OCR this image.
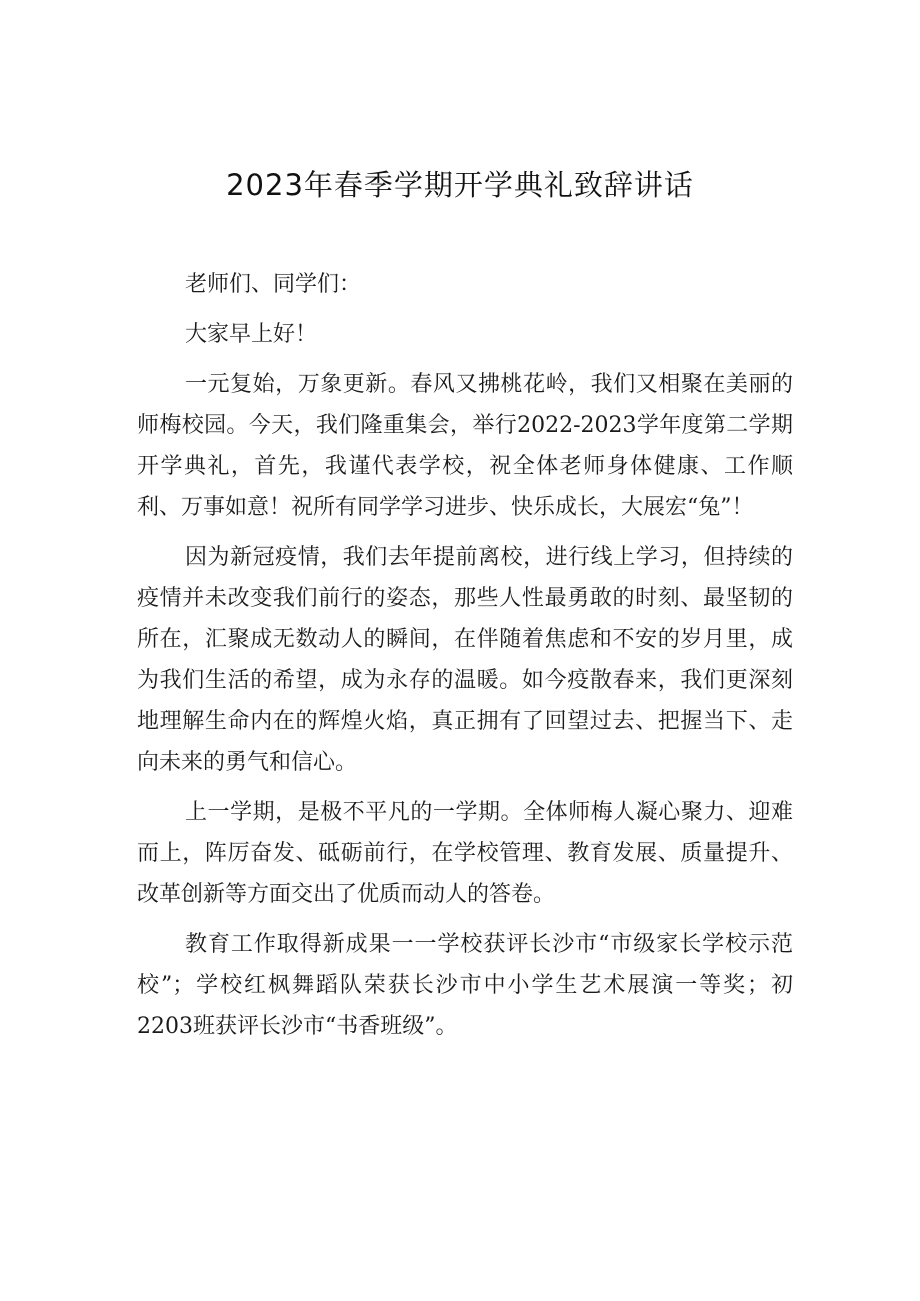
2023年春季学期开学典礼致辞讲话

老师们、同学们：

大家早上好！

一元复始，万象更新。春风又拂桃花岭，我们又相聚在美丽的师梅校园。今天，我们隆重集会，举行2022-2023学年度第二学期开学典礼，首先，我谨代表学校，祝全体老师身体健康、工作顺利、万事如意！祝所有同学学习进步、快乐成长，大展宏“兔”！

因为新冠疫情，我们去年提前离校，进行线上学习，但持续的疫情并未改变我们前行的姿态，那些人性最勇敢的时刻、最坚韧的所在，汇聚成无数动人的瞬间，在伴随着焦虑和不安的岁月里，成为我们生活的希望，成为永存的温暖。如今疫散春来，我们更深刻地理解生命内在的辉煌火焰，真正拥有了回望过去、把握当下、走向未来的勇气和信心。

上一学期，是极不平凡的一学期。全体师梅人凝心聚力、迎难而上，阵厉奋发、砥砺前行，在学校管理、教育发展、质量提升、改革创新等方面交出了优质而动人的答卷。

教育工作取得新成果一一学校获评长沙市“市级家长学校示范校”；学校红枫舞蹈队荣获长沙市中小学生艺术展演一等奖；初2203班获评长沙市“书香班级”。
